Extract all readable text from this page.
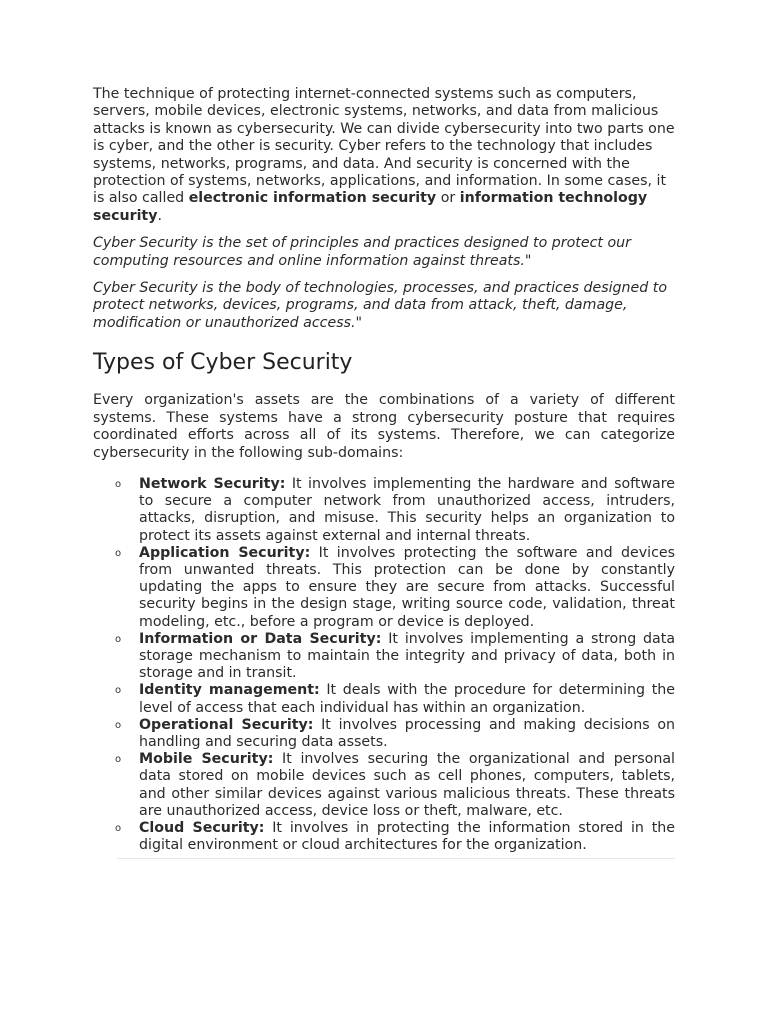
The technique of protecting internet-connected systems such as computers, servers, mobile devices, electronic systems, networks, and data from malicious attacks is known as cybersecurity. We can divide cybersecurity into two parts one is cyber, and the other is security. Cyber refers to the technology that includes systems, networks, programs, and data. And security is concerned with the protection of systems, networks, applications, and information. In some cases, it is also called electronic information security or information technology security.

Cyber Security is the set of principles and practices designed to protect our computing resources and online information against threats."

Cyber Security is the body of technologies, processes, and practices designed to protect networks, devices, programs, and data from attack, theft, damage, modification or unauthorized access."

Types of Cyber Security

Every organization's assets are the combinations of a variety of different systems. These systems have a strong cybersecurity posture that requires coordinated efforts across all of its systems. Therefore, we can categorize cybersecurity in the following sub-domains:

o Network Security: It involves implementing the hardware and software to secure a computer network from unauthorized access, intruders, attacks, disruption, and misuse. This security helps an organization to protect its assets against external and internal threats.
o Application Security: It involves protecting the software and devices from unwanted threats. This protection can be done by constantly updating the apps to ensure they are secure from attacks. Successful security begins in the design stage, writing source code, validation, threat modeling, etc., before a program or device is deployed.
o Information or Data Security: It involves implementing a strong data storage mechanism to maintain the integrity and privacy of data, both in storage and in transit.
o Identity management: It deals with the procedure for determining the level of access that each individual has within an organization.
o Operational Security: It involves processing and making decisions on handling and securing data assets.
o Mobile Security: It involves securing the organizational and personal data stored on mobile devices such as cell phones, computers, tablets, and other similar devices against various malicious threats. These threats are unauthorized access, device loss or theft, malware, etc.
o Cloud Security: It involves in protecting the information stored in the digital environment or cloud architectures for the organization.
